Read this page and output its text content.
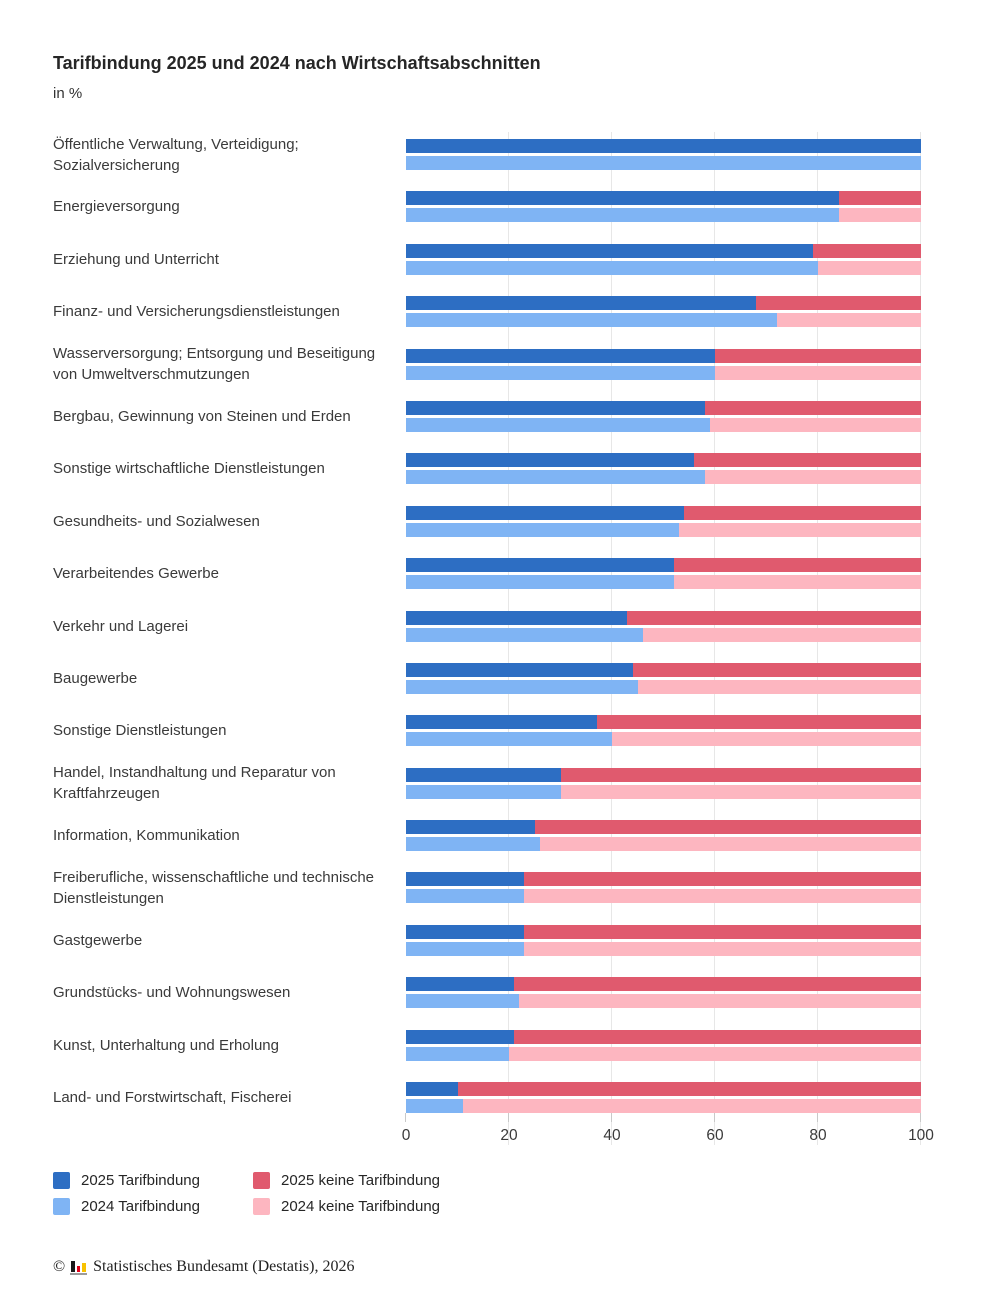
Tarifbindung 2025 und 2024 nach Wirtschaftsabschnitten
in %
Öffentliche Verwaltung, Verteidigung; Sozialversicherung
Energieversorgung
Erziehung und Unterricht
Finanz- und Versicherungsdienstleistungen
Wasserversorgung; Entsorgung und Beseitigung von Umweltverschmutzungen
Bergbau, Gewinnung von Steinen und Erden
Sonstige wirtschaftliche Dienstleistungen
Gesundheits- und Sozialwesen
Verarbeitendes Gewerbe
Verkehr und Lagerei
Baugewerbe
Sonstige Dienstleistungen
Handel, Instandhaltung und Reparatur von Kraftfahrzeugen
Information, Kommunikation
Freiberufliche, wissenschaftliche und technische Dienstleistungen
Gastgewerbe
Grundstücks- und Wohnungswesen
Kunst, Unterhaltung und Erholung
Land- und Forstwirtschaft, Fischerei
0	20	40	60	80	100
2025 Tarifbindung	2025 keine Tarifbindung
2024 Tarifbindung	2024 keine Tarifbindung
© Statistisches Bundesamt (Destatis), 2026
